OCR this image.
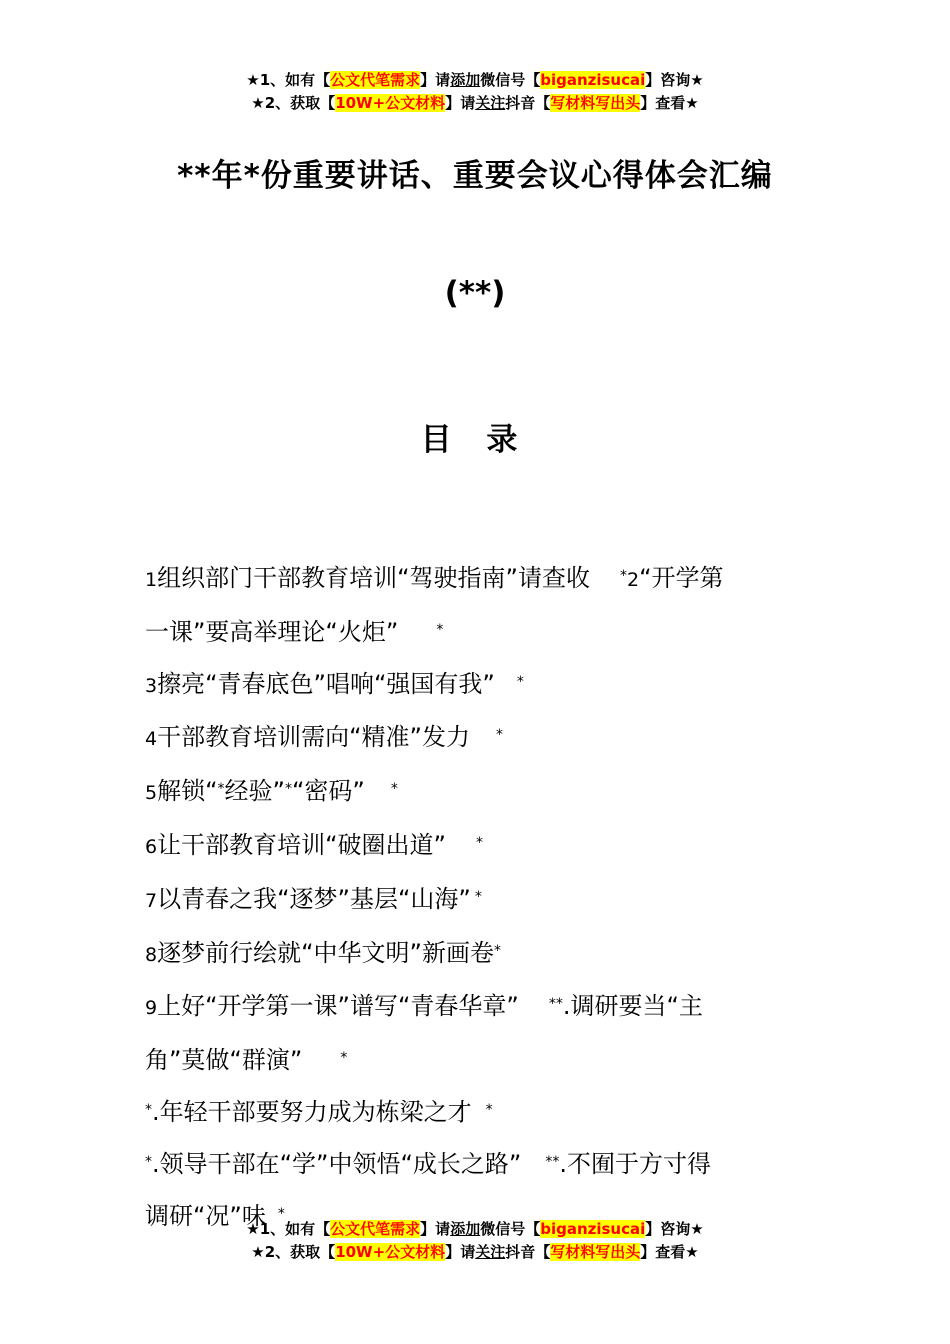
★1、如有【公文代笔需求】请添加微信号【biganzisucai】咨询★
★2、获取【10W+公文材料】请关注抖音【写材料写出头】查看★
**年*份重要讲话、重要会议心得体会汇编
(**)
目 录
1组织部门干部教育培训“驾驶指南”请查收 *2“开学第
一课”要高举理论“火炬”	*
3擦亮“青春底色”唱响“强国有我” *
4干部教育培训需向“精准”发力 *
5解锁“*经验”*“密码” *
6让干部教育培训“破圈出道” *
7以青春之我“逐梦”基层“山海” *
8逐梦前行绘就“中华文明”新画卷*
9上好“开学第一课”谱写“青春华章” **.调研要当“主
角”莫做“群演”	*
*.年轻干部要努力成为栋梁之才 *
*.领导干部在“学”中领悟“成长之路” **.不囿于方寸得
调研“况”味 *
★1、如有【公文代笔需求】请添加微信号【biganzisucai】咨询★
★2、获取【10W+公文材料】请关注抖音【写材料写出头】查看★
